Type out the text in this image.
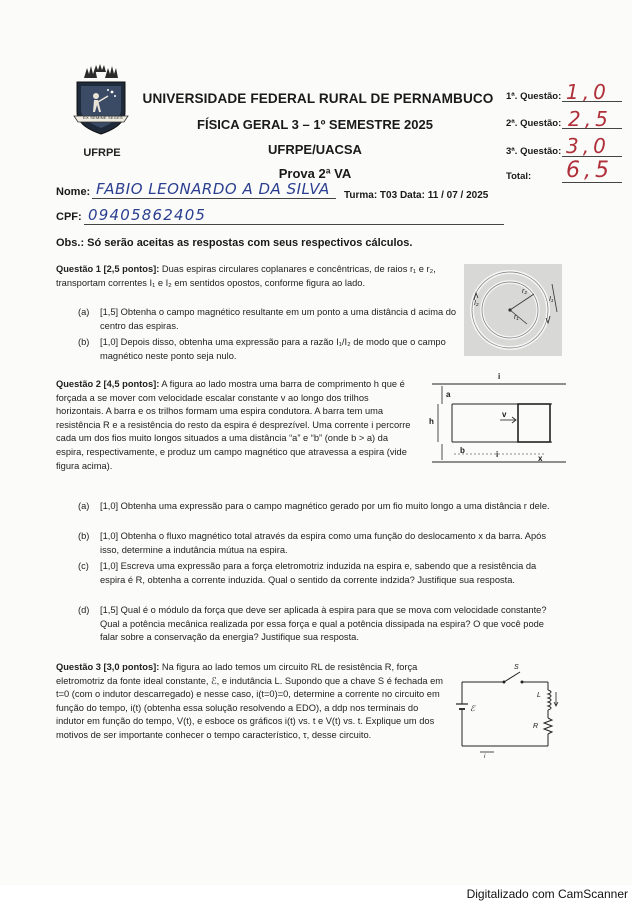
EX SEMINE SEGES
UFRPE
UNIVERSIDADE FEDERAL RURAL DE PERNAMBUCO
FÍSICA GERAL 3 – 1º SEMESTRE 2025
UFRPE/UACSA
Prova 2ª VA
1ª. Questão: 1,0
2ª. Questão: 2,5
3ª. Questão: 3,0
Total: 6,5
Nome: FABIO LEONARDO A DA SILVA Turma: T03 Data: 11 / 07 / 2025
CPF: 09405862405
Obs.: Só serão aceitas as respostas com seus respectivos cálculos.
Questão 1 [2,5 pontos]: Duas espiras circulares coplanares e concêntricas, de raios r₁ e r₂, transportam correntes I₁ e I₂ em sentidos opostos, conforme figura ao lado.
(a) [1,5] Obtenha o campo magnético resultante em um ponto a uma distância d acima do centro das espiras.
(b) [1,0] Depois disso, obtenha uma expressão para a razão I₁/I₂ de modo que o campo magnético neste ponto seja nulo.
r₂
r₁
I₁
I₂
Questão 2 [4,5 pontos]: A figura ao lado mostra uma barra de comprimento h que é forçada a se mover com velocidade escalar constante v ao longo dos trilhos horizontais. A barra e os trilhos formam uma espira condutora. A barra tem uma resistência R e a resistência do resto da espira é desprezível. Uma corrente i percorre cada um dos fios muito longos situados a uma distância “a” e “b” (onde b > a) da espira, respectivamente, e produz um campo magnético que atravessa a espira (vide figura acima).
i
a
h
v
b	i	x
(a) [1,0] Obtenha uma expressão para o campo magnético gerado por um fio muito longo a uma distância r dele.
(b) [1,0] Obtenha o fluxo magnético total através da espira como uma função do deslocamento x da barra. Após isso, determine a indutância mútua na espira.
(c) [1,0] Escreva uma expressão para a força eletromotriz induzida na espira e, sabendo que a resistência da espira é R, obtenha a corrente induzida. Qual o sentido da corrente indzida? Justifique sua resposta.
(d) [1,5] Qual é o módulo da força que deve ser aplicada à espira para que se mova com velocidade constante? Qual a potência mecânica realizada por essa força e qual a potência dissipada na espira? O que você pode falar sobre a conservação da energia? Justifique sua resposta.
Questão 3 [3,0 pontos]: Na figura ao lado temos um circuito RL de resistência R, força eletromotriz da fonte ideal constante, ℰ, e indutância L. Supondo que a chave S é fechada em t=0 (com o indutor descarregado) e nesse caso, i(t=0)=0, determine a corrente no circuito em função do tempo, i(t) (obtenha essa solução resolvendo a EDO), a ddp nos terminais do indutor em função do tempo, V(t), e esboce os gráficos i(t) vs. t e V(t) vs. t. Explique um dos motivos de ser importante conhecer o tempo característico, τ, desse circuito.
S
ℰ
L
R
i
Digitalizado com CamScanner
